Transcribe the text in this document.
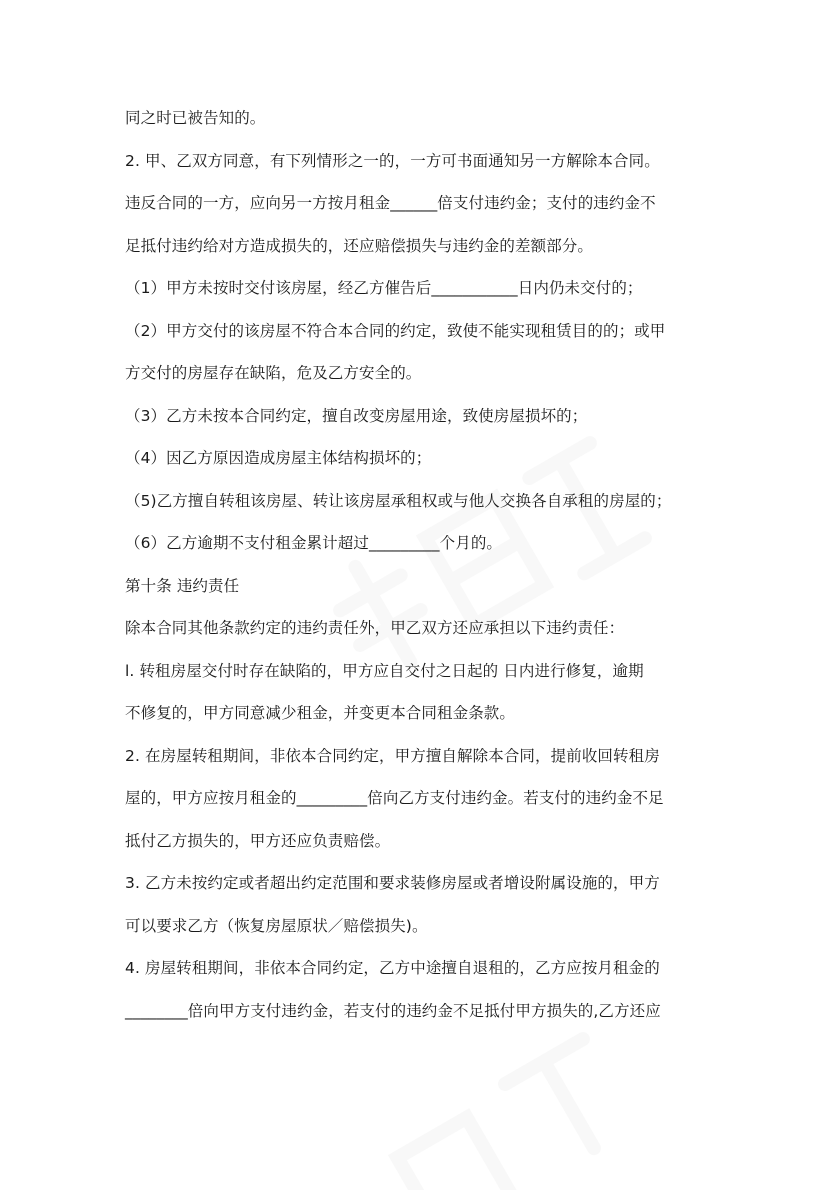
同之时已被告知的。

2. 甲、乙双方同意，有下列情形之一的，一方可书面通知另一方解除本合同。

违反合同的一方，应向另一方按月租金______倍支付违约金；支付的违约金不

足抵付违约给对方造成损失的，还应赔偿损失与违约金的差额部分。

（1）甲方未按时交付该房屋，经乙方催告后___________日内仍未交付的；

（2）甲方交付的该房屋不符合本合同的约定，致使不能实现租赁目的的；或甲

方交付的房屋存在缺陷，危及乙方安全的。

（3）乙方未按本合同约定，擅自改变房屋用途，致使房屋损坏的；

（4）因乙方原因造成房屋主体结构损坏的；

（5)乙方擅自转租该房屋、转让该房屋承租权或与他人交换各自承租的房屋的；

（6）乙方逾期不支付租金累计超过_________个月的。

第十条 违约责任

除本合同其他条款约定的违约责任外，甲乙双方还应承担以下违约责任：

l. 转租房屋交付时存在缺陷的，甲方应自交付之日起的 日内进行修复，逾期

不修复的，甲方同意减少租金，并变更本合同租金条款。

2. 在房屋转租期间，非依本合同约定，甲方擅自解除本合同，提前收回转租房

屋的，甲方应按月租金的_________倍向乙方支付违约金。若支付的违约金不足

抵付乙方损失的，甲方还应负责赔偿。

3. 乙方未按约定或者超出约定范围和要求装修房屋或者增设附属设施的，甲方

可以要求乙方（恢复房屋原状／赔偿损失)。

4. 房屋转租期间，非依本合同约定，乙方中途擅自退租的，乙方应按月租金的

________倍向甲方支付违约金，若支付的违约金不足抵付甲方损失的,乙方还应
